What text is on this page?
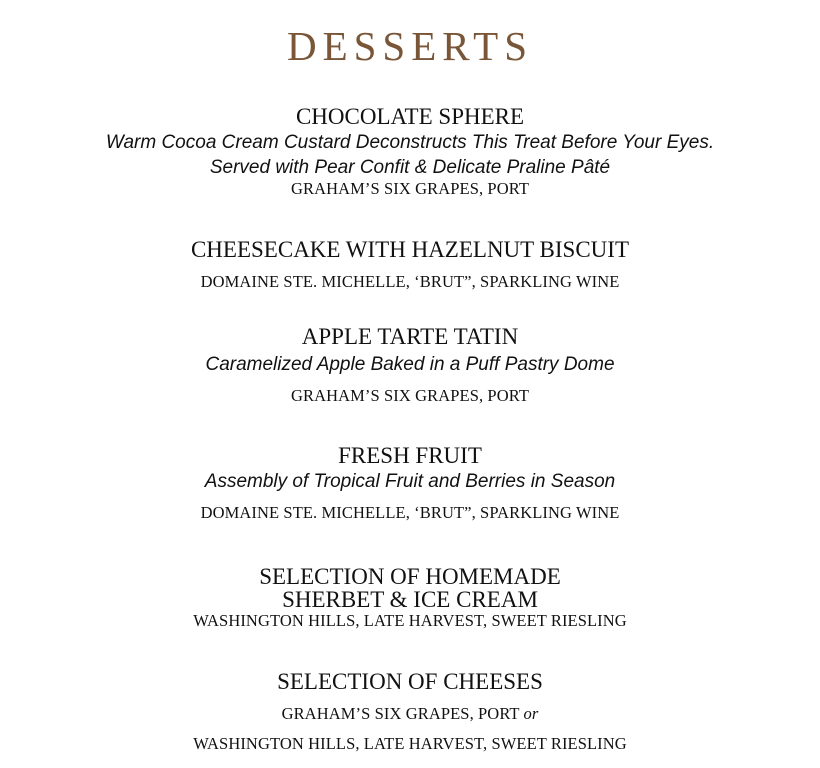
DESSERTS
CHOCOLATE SPHERE
Warm Cocoa Cream Custard Deconstructs This Treat Before Your Eyes.
Served with Pear Confit & Delicate Praline Pâté
GRAHAM’S SIX GRAPES, PORT
CHEESECAKE WITH HAZELNUT BISCUIT
DOMAINE STE. MICHELLE, ‘BRUT”, SPARKLING WINE
APPLE TARTE TATIN
Caramelized Apple Baked in a Puff Pastry Dome
GRAHAM’S SIX GRAPES, PORT
FRESH FRUIT
Assembly of Tropical Fruit and Berries in Season
DOMAINE STE. MICHELLE, ‘BRUT”, SPARKLING WINE
SELECTION OF HOMEMADE
SHERBET & ICE CREAM
WASHINGTON HILLS, LATE HARVEST, SWEET RIESLING
SELECTION OF CHEESES
GRAHAM’S SIX GRAPES, PORT or
WASHINGTON HILLS, LATE HARVEST, SWEET RIESLING
